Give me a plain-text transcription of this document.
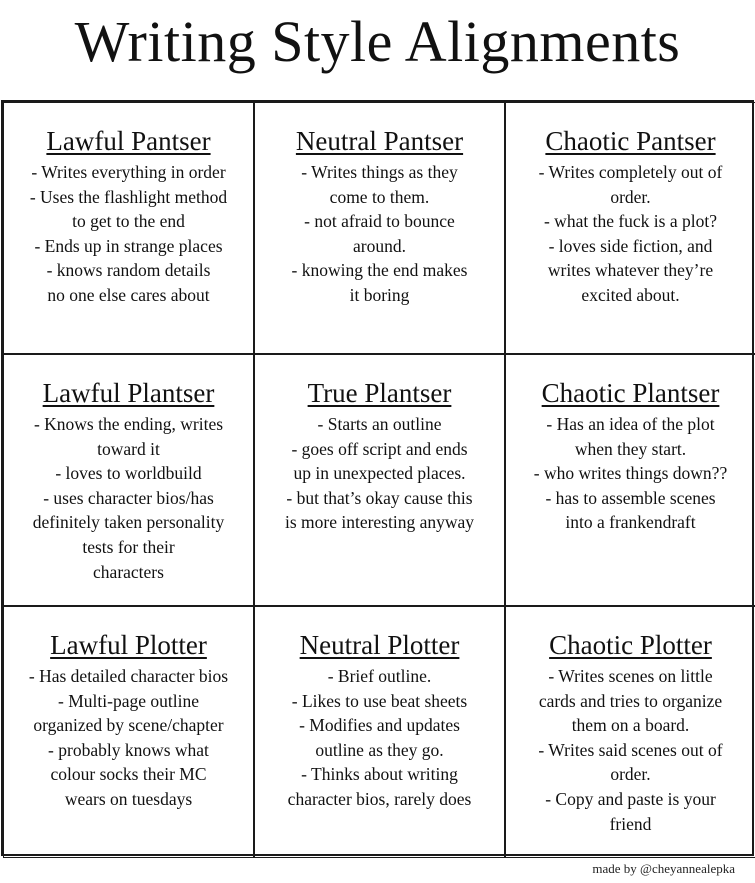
Writing Style Alignments
Lawful Pantser
- Writes everything in order
- Uses the flashlight method
to get to the end
- Ends up in strange places
- knows random details
no one else cares about
Neutral Pantser
- Writes things as they
come to them.
- not afraid to bounce
around.
- knowing the end makes
it boring
Chaotic Pantser
- Writes completely out of
order.
- what the fuck is a plot?
- loves side fiction, and
writes whatever they’re
excited about.
Lawful Plantser
- Knows the ending, writes
toward it
- loves to worldbuild
- uses character bios/has
definitely taken personality
tests for their
characters
True Plantser
- Starts an outline
- goes off script and ends
up in unexpected places.
- but that’s okay cause this
is more interesting anyway
Chaotic Plantser
- Has an idea of the plot
when they start.
- who writes things down??
- has to assemble scenes
into a frankendraft
Lawful Plotter
- Has detailed character bios
- Multi-page outline
organized by scene/chapter
- probably knows what
colour socks their MC
wears on tuesdays
Neutral Plotter
- Brief outline.
- Likes to use beat sheets
- Modifies and updates
outline as they go.
- Thinks about writing
character bios, rarely does
Chaotic Plotter
- Writes scenes on little
cards and tries to organize
them on a board.
- Writes said scenes out of
order.
- Copy and paste is your
friend
made by @cheyannealepka
